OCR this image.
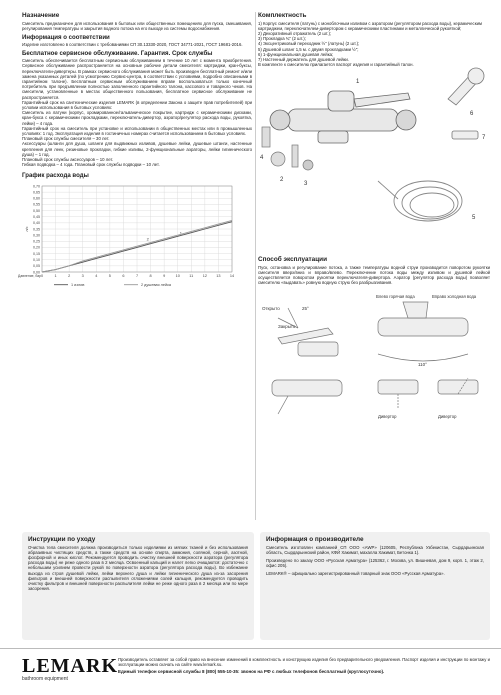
Назначение

Смеситель предназначен для использования в бытовых или общественных помещениях для пуска, смешивания, регулирования температуры и закрытия водного потока на его выходе из системы водоснабжения.

Информация о соответствии

Изделие изготовлено в соответствии с требованиями СП 30.13330-2020, ГОСТ 34771-2021, ГОСТ 19681-2016.

Бесплатное сервисное обслуживание. Гарантия. Срок службы

Смеситель обеспечивается бесплатным сервисным обслуживанием в течение 10 лет с момента приобретения. Сервисное обслуживание распространяется на основные рабочие детали смесителя: картриджи, кран-буксы, переключатели-дивертеры. В рамках сервисного обслуживания может быть произведен бесплатный ремонт и/или замена указанных деталей (по усмотрению Сервис-центра, в соответствии с условиями, подробно описанными в гарантийном талоне). Бесплатным сервисным обслуживанием вправе воспользоваться только конечный потребитель при предъявлении полностью заполненного гарантийного талона, кассового и товарного чеков. На смесители, установленные в местах общественного пользования, бесплатное сервисное обслуживание не распространяется.

Гарантийный срок на сантехнические изделия LEMARK (в определении Закона о защите прав потребителей) при условии использования в бытовых условиях:

Смеситель из латуни (корпус, хромированное/гальваническое покрытие, картридж с керамическими дисками, кран-букса с керамическими прокладками, переключатель-дивертор, аэратор/регулятор расхода воды, рукоятка, лейки) – 4 года.

Гарантийный срок на смеситель при установке и использовании в общественных местах или в промышленных условиях: 1 год. Эксплуатация изделия в гостиничных номерах считается использованием в бытовых условиях.

Плановый срок службы смесителя – 30 лет.

Аксессуары (шланги для душа, шланги для выдвижных изливов, душевые лейки, душевые штанги, настенные крепления для леек, резиновые прокладки, гибкие изливы, 2-функциональные аэраторы, лейки гигиенического душа) – 1 год.

Плановый срок службы аксессуаров – 10 лет.

Гибкая подводка – 4 года. Плановый срок службы подводки – 10 лет.

График расхода воды
0,00
0,05
0,10
0,15
0,20
0,25
0,30
0,35
0,40
0,45
0,50
0,55
0,60
0,65
0,70
0	1	2	3	4	5	6	7	8	9	10 11 12 13 14
л/с
Давление, бар
1
2
1 излив	2 душевая лейка
Комплектность

1) Корпус смесителя (латунь) с моноблочным изливом с аэратором (регулятором расхода воды), керамическим картриджем, переключателем-дивертором с керамическими пластинами и металлической рукояткой;

2) Декоративный отражатель (2 шт.);

3) Прокладка ¾" (2 шт.);

4) Эксцентриковый переходник ½" (латунь) (2 шт.);

5) Душевой шланг 1,5 м. с двумя прокладками ½";

6) 1-функциональная душевая лейка;

7) Настенный держатель для душевой лейки.

В комплекте к смесителю прилагается паспорт изделия и гарантийный талон.

1
2
3
4
5
6
7
Способ эксплуатации

Пуск, остановка и регулирование потока, а также температуры водной струи производится поворотом рукоятки смесителя вверх/вниз и вправо/влево. Переключение потока воды между изливом и душевой лейкой осуществляется поворотом рукоятки переключателя-дивертора. Аэратор (регулятор расхода воды) позволяет смесителю «выдавать» ровную водную струю без разбрызгивания.

Открыто
Закрыто
25°
Влево горячая вода	Вправо холодная вода
110°
Дивертор	Дивертор
Инструкции по уходу

Очистка тела смесителя должна производиться только изделиями из мягких тканей и без использования абразивных чистящих средств, а также средств на основе спирта, аммония, соляной, серной, азотной, фосфорной и иных кислот. Рекомендуется проводить очистку внешней поверхности аэратора (регулятора расхода воды) не реже одного раза в 2 месяца. Освоенный кальций и налет легко очищаются: достаточно с небольшим усилием провести рукой по поверхности аэратора (регулятора расхода воды). Во избежание выхода из строя душевой лейки, лейки верхнего душа и лейки гигиенического душа из-за засорения фильтров и внешней поверхности распылителя отложениями солей кальция, рекомендуется проводить очистку фильтров и внешней поверхности распылителя лейки не реже одного раза в 2 месяца или по мере засорения.

Информация о производителе

Смеситель изготовлен компанией СП ООО «AWP» (120605, Республика Узбекистан, Сырдарьинская область, Сырдарьинский район, КФЙ Хакимат, махалла Хакимат, Бетонка 1).

Произведено по заказу ООО «Русская Арматура» (125362, г. Москва, ул. Вишневая, дом 9, корп. 1, этаж 2, офис 205).

LEMARK® – официально зарегистрированный товарный знак ООО «Русская Арматура».

LEMARK
bathroom equipment

Производитель оставляет за собой право на внесение изменений в комплектность и конструкцию изделия без предварительного уведомления. Паспорт изделия и инструкции по монтажу и эксплуатации можно скачать на сайте www.lemark.su.

Единый телефон сервисной службы 8 (800) 555-10-35: звонок на РФ с любых телефонов бесплатный (круглосуточно).
